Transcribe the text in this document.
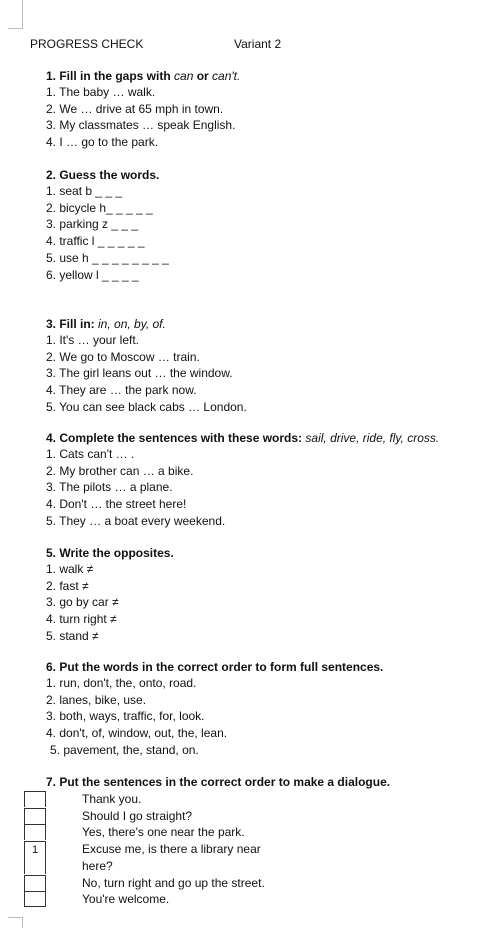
PROGRESS CHECK	Variant 2
1. Fill in the gaps with can or can't.
1. The baby … walk.
2. We … drive at 65 mph in town.
3. My classmates … speak English.
4. I … go to the park.
2. Guess the words.
1. seat b _ _ _
2. bicycle h_ _ _ _ _
3. parking z _ _ _
4. traffic l _ _ _ _ _
5. use h _ _ _ _ _ _ _ _
6. yellow l _ _ _ _
3. Fill in: in, on, by, of.
1. It's … your left.
2. We go to Moscow … train.
3. The girl leans out … the window.
4. They are … the park now.
5. You can see black cabs … London.
4. Complete the sentences with these words: sail, drive, ride, fly, cross.
1. Cats can't … .
2. My brother can … a bike.
3. The pilots … a plane.
4. Don't … the street here!
5. They … a boat every weekend.
5. Write the opposites.
1. walk ≠
2. fast ≠
3. go by car ≠
4. turn right ≠
5. stand ≠
6. Put the words in the correct order to form full sentences.
1. run, don't, the, onto, road.
2. lanes, bike, use.
3. both, ways, traffic, for, look.
4. don't, of, window, out, the, lean.
5. pavement, the, stand, on.
7. Put the sentences in the correct order to make a dialogue.
Thank you.
Should I go straight?
Yes, there's one near the park.
1	Excuse me, is there a library near here?
No, turn right and go up the street.
You're welcome.
